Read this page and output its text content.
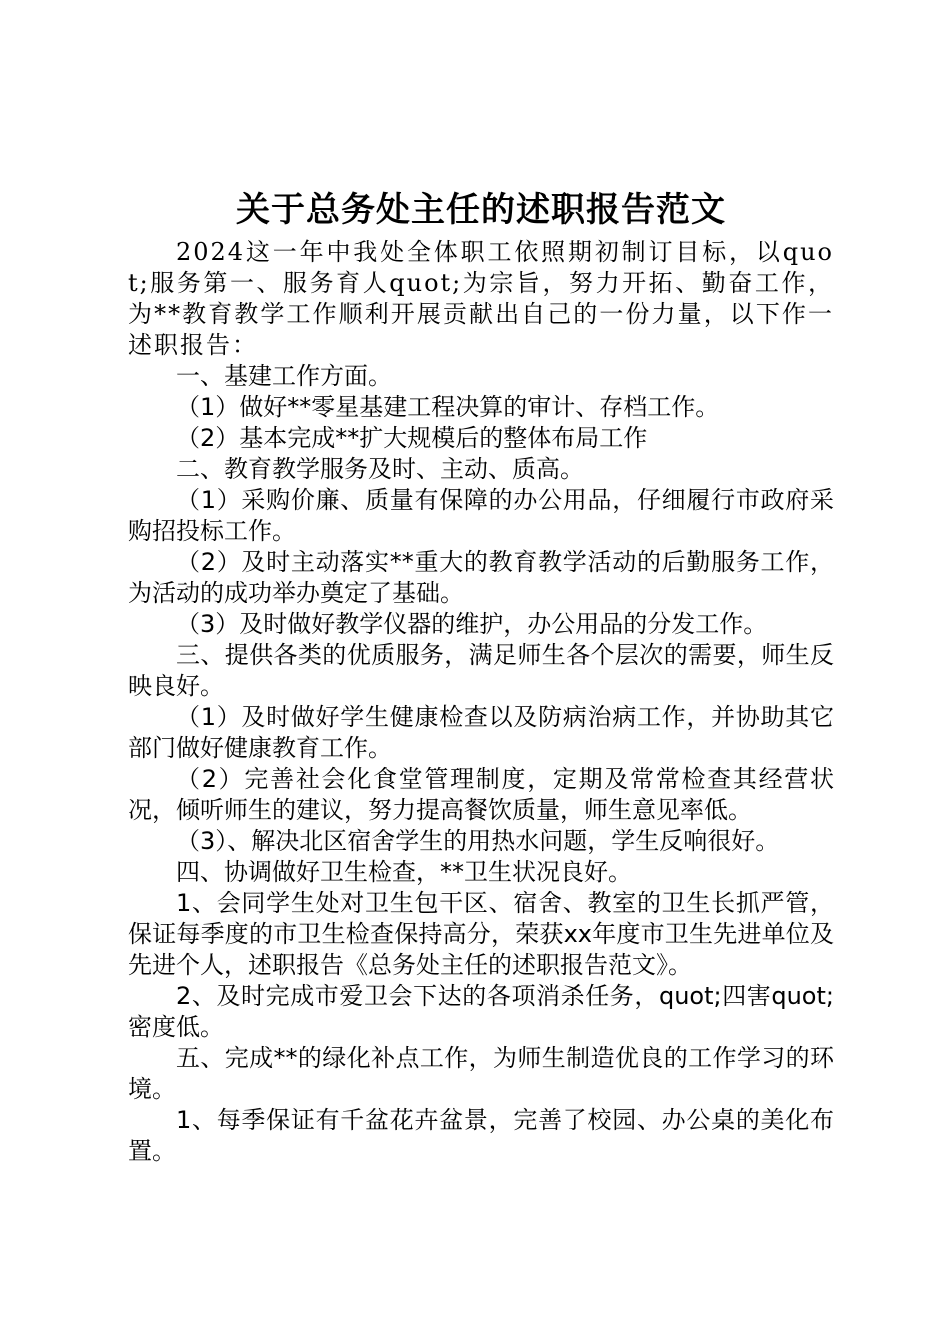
关于总务处主任的述职报告范文

2024这一年中我处全体职工依照期初制订目标，以quot;服务第一、服务育人quot;为宗旨，努力开拓、勤奋工作，为**教育教学工作顺利开展贡献出自己的一份力量，以下作一述职报告：

一、基建工作方面。

（1）做好**零星基建工程决算的审计、存档工作。

（2）基本完成**扩大规模后的整体布局工作

二、教育教学服务及时、主动、质高。

（1）采购价廉、质量有保障的办公用品，仔细履行市政府采购招投标工作。

（2）及时主动落实**重大的教育教学活动的后勤服务工作，为活动的成功举办奠定了基础。

（3）及时做好教学仪器的维护，办公用品的分发工作。

三、提供各类的优质服务，满足师生各个层次的需要，师生反映良好。

（1）及时做好学生健康检查以及防病治病工作，并协助其它部门做好健康教育工作。

（2）完善社会化食堂管理制度，定期及常常检查其经营状况，倾听师生的建议，努力提高餐饮质量，师生意见率低。

（3）、解决北区宿舍学生的用热水问题，学生反响很好。

四、协调做好卫生检查，**卫生状况良好。

1、会同学生处对卫生包干区、宿舍、教室的卫生长抓严管，保证每季度的市卫生检查保持高分，荣获xx年度市卫生先进单位及先进个人，述职报告《总务处主任的述职报告范文》。

2、及时完成市爱卫会下达的各项消杀任务，quot;四害quot;密度低。

五、完成**的绿化补点工作，为师生制造优良的工作学习的环境。

1、每季保证有千盆花卉盆景，完善了校园、办公桌的美化布置。
